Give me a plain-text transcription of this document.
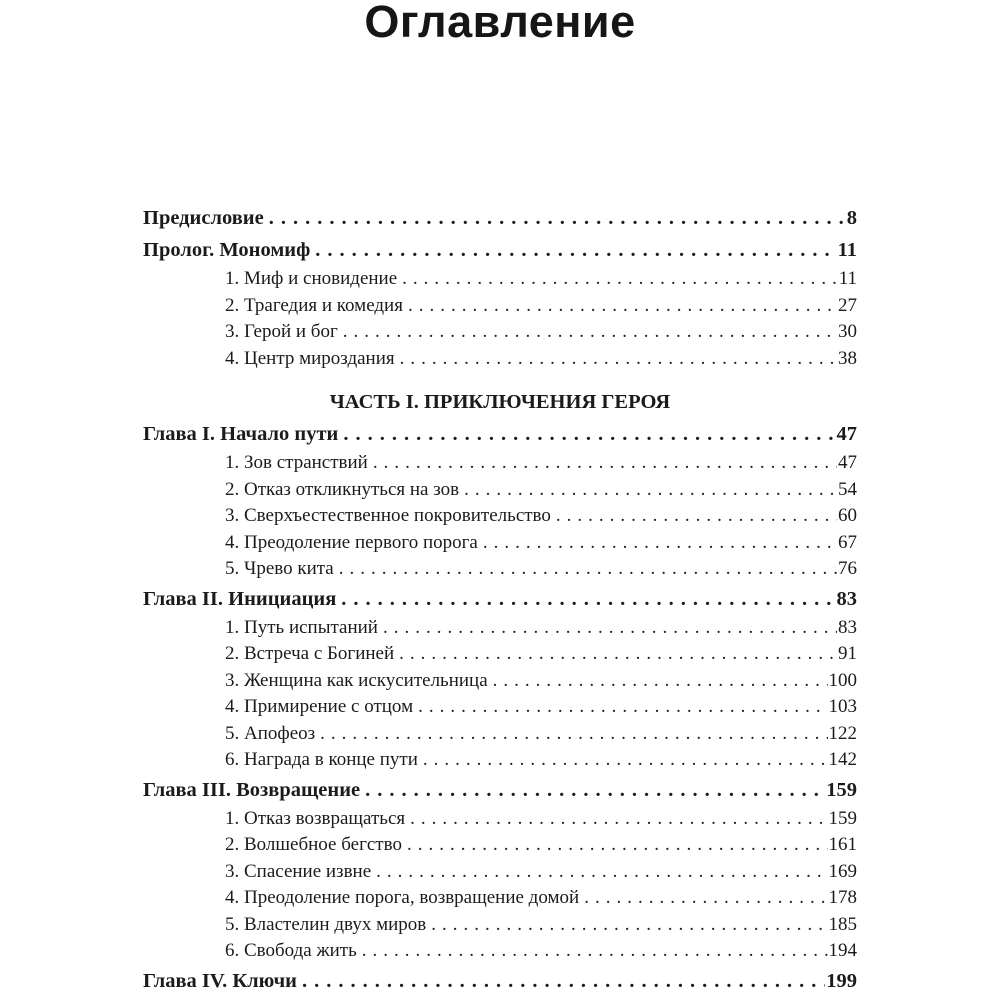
Оглавление
Предисловие .....	8
Пролог. Мономиф .....	11
1. Миф и сновидение .....	11
2. Трагедия и комедия .....	27
3. Герой и бог .....	30
4. Центр мироздания .....	38
ЧАСТЬ I. ПРИКЛЮЧЕНИЯ ГЕРОЯ
Глава I. Начало пути .....	47
1. Зов странствий .....	47
2. Отказ откликнуться на зов .....	54
3. Сверхъестественное покровительство .....	60
4. Преодоление первого порога .....	67
5. Чрево кита .....	76
Глава II. Инициация .....	83
1. Путь испытаний .....	83
2. Встреча с Богиней .....	91
3. Женщина как искусительница .....	100
4. Примирение с отцом .....	103
5. Апофеоз .....	122
6. Награда в конце пути .....	142
Глава III. Возвращение .....	159
1. Отказ возвращаться .....	159
2. Волшебное бегство .....	161
3. Спасение извне .....	169
4. Преодоление порога, возвращение домой .....	178
5. Властелин двух миров .....	185
6. Свобода жить .....	194
Глава IV. Ключи .....	199
